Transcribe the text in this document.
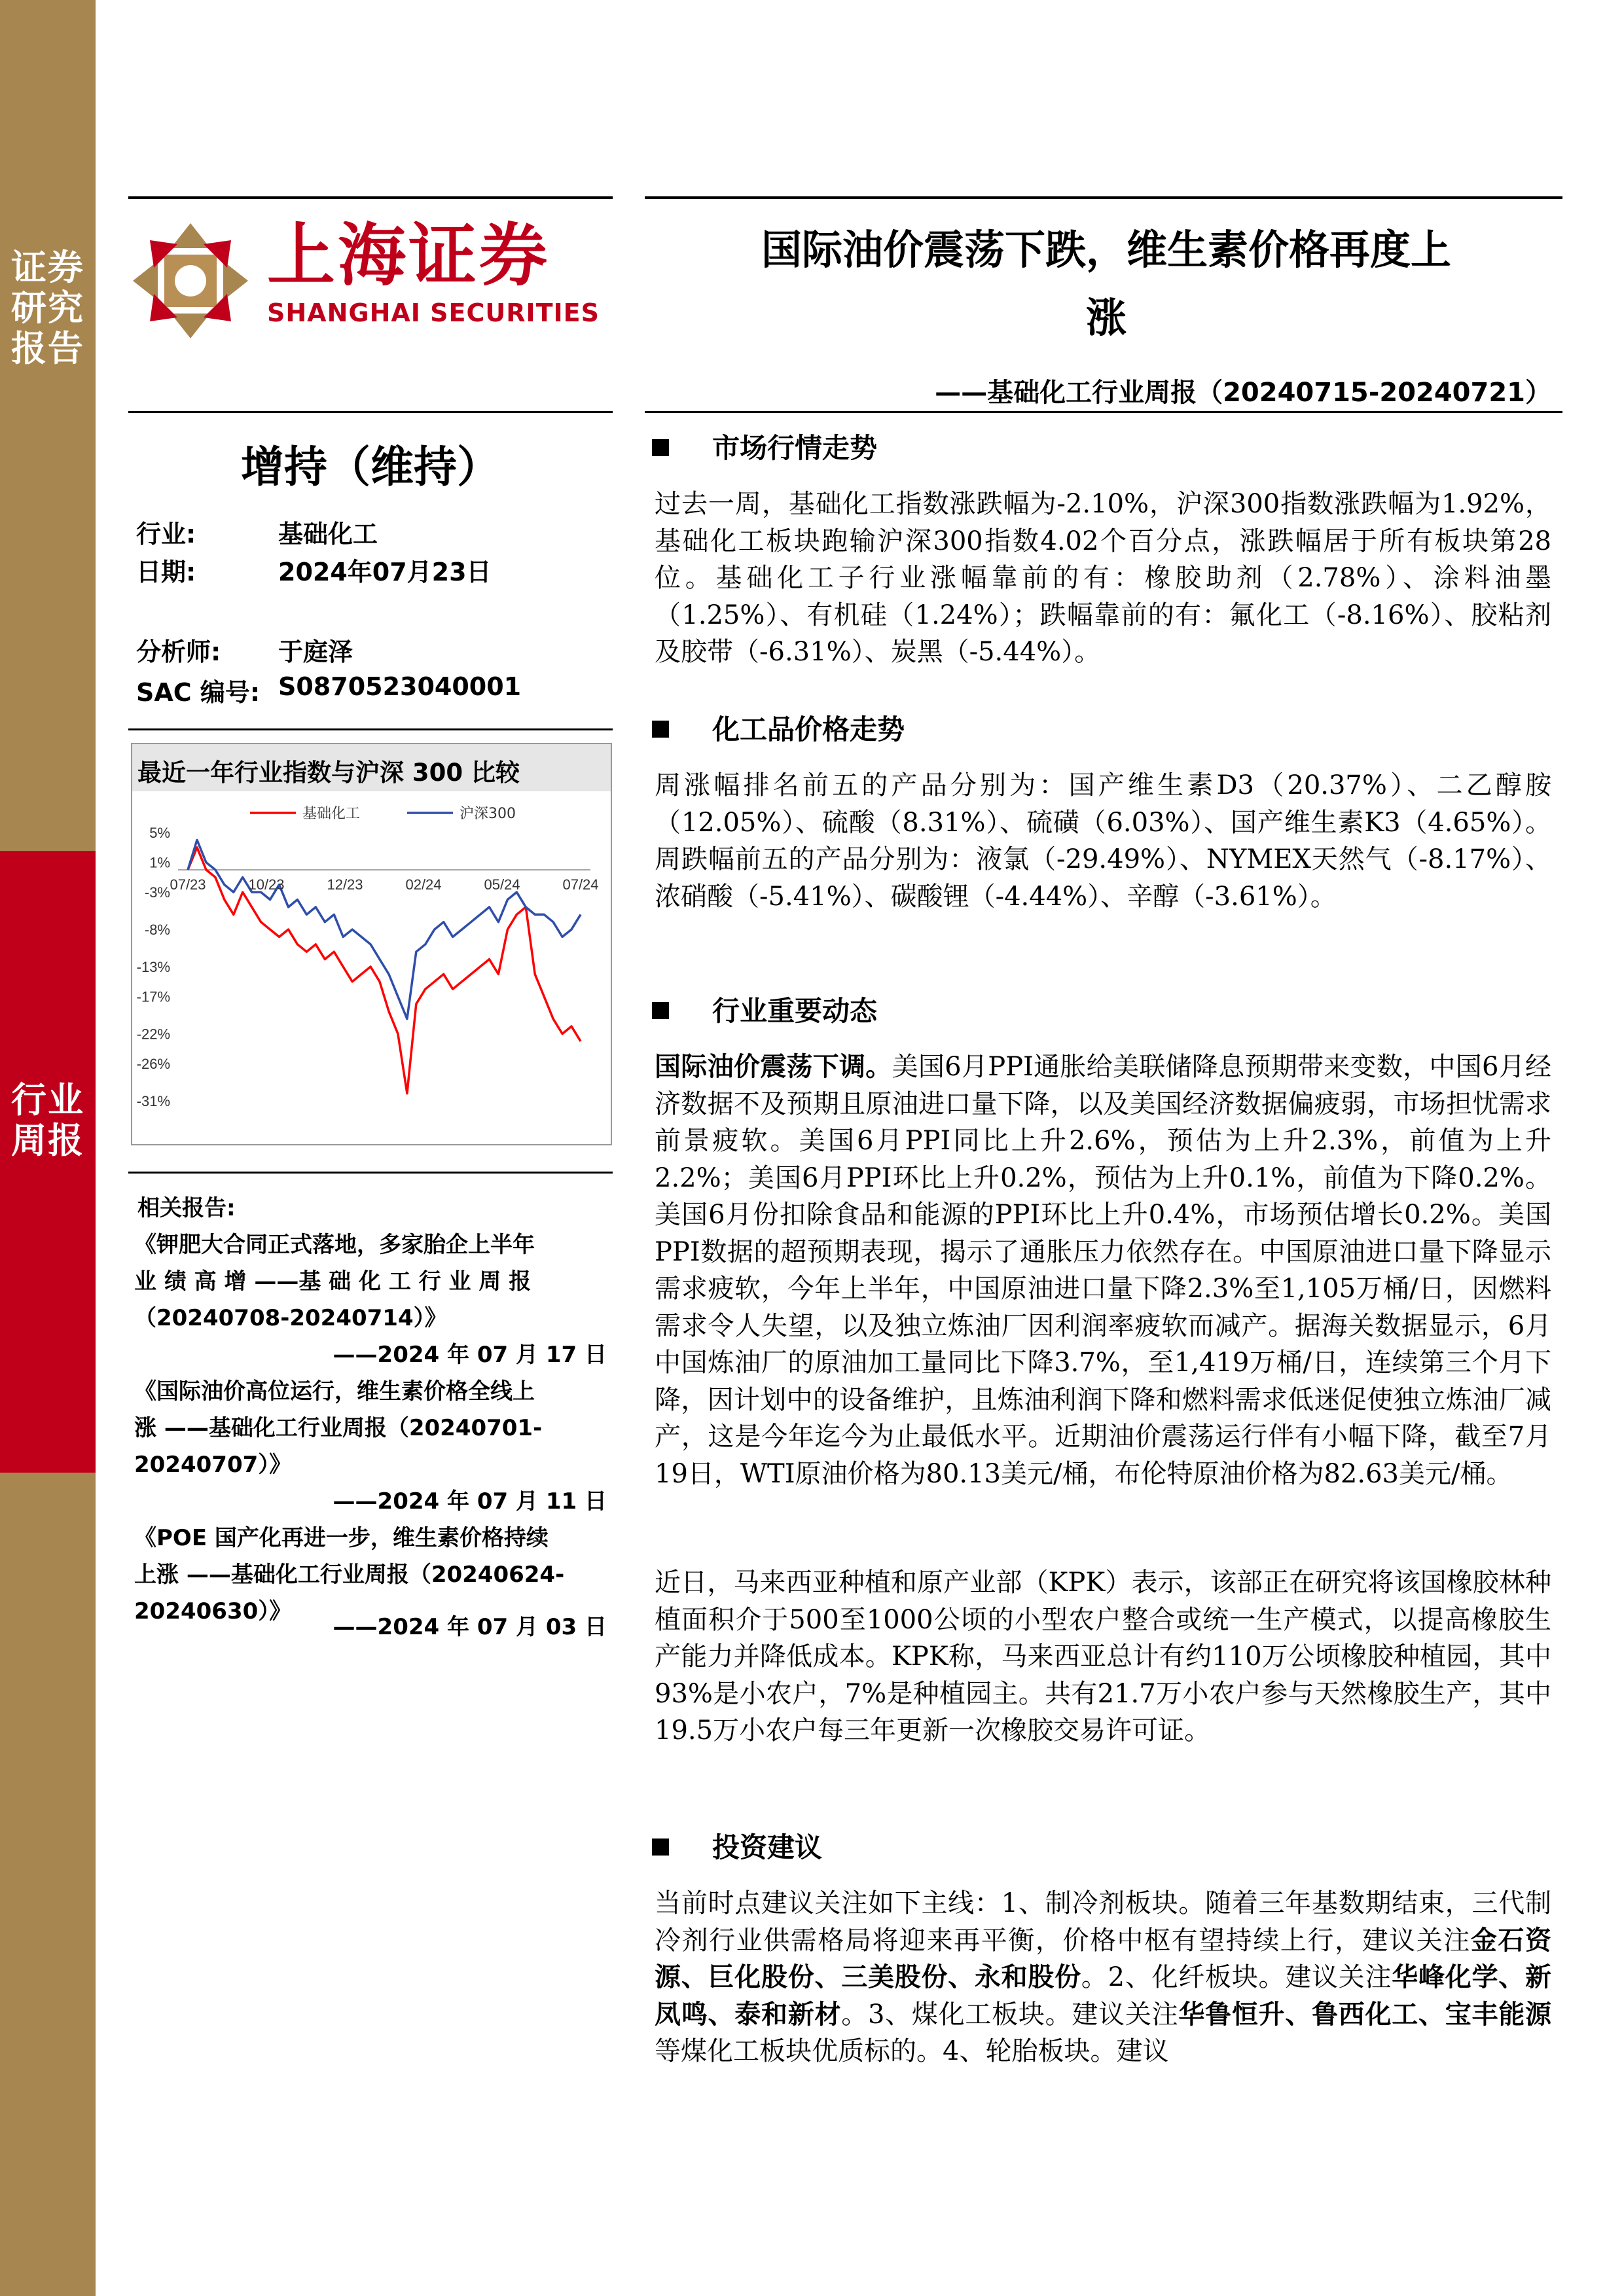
证券研究报告
行业周报
上海证券
SHANGHAI SECURITIES
国际油价震荡下跌，维生素价格再度上
涨
——基础化工行业周报（20240715-20240721）
增持（维持）
行业:	基础化工
日期:	2024年07月23日
分析师: 于庭泽
SAC 编号: S0870523040001
最近一年行业指数与沪深 300 比较
基础化工	沪深300
5%
1%
-3%
-8%
-13%
-17%
-22%
-26%
-31%
07/23	10/23	12/23	02/24	05/24	07/24
相关报告:
《钾肥大合同正式落地，多家胎企上半年
业 绩 高 增 ——基 础 化 工 行 业 周 报
（20240708-20240714）》
——2024 年 07 月 17 日
《国际油价高位运行，维生素价格全线上
涨 ——基础化工行业周报（20240701-
20240707）》
——2024 年 07 月 11 日
《POE 国产化再进一步，维生素价格持续
上涨 ——基础化工行业周报（20240624-
20240630）》
——2024 年 07 月 03 日
市场行情走势
过去一周，基础化工指数涨跌幅为-2.10%，沪深300指数涨跌幅为1.92%，基础化工板块跑输沪深300指数4.02个百分点，涨跌幅居于所有板块第28位。基础化工子行业涨幅靠前的有：橡胶助剂（2.78%）、涂料油墨（1.25%）、有机硅（1.24%）；跌幅靠前的有：氟化工（-8.16%）、胶粘剂及胶带（-6.31%）、炭黑（-5.44%）。
化工品价格走势
周涨幅排名前五的产品分别为：国产维生素D3（20.37%）、二乙醇胺（12.05%）、硫酸（8.31%）、硫磺（6.03%）、国产维生素K3（4.65%）。周跌幅前五的产品分别为：液氯（-29.49%）、NYMEX天然气（-8.17%）、浓硝酸（-5.41%）、碳酸锂（-4.44%）、辛醇（-3.61%）。
行业重要动态
国际油价震荡下调。美国6月PPI通胀给美联储降息预期带来变数，中国6月经济数据不及预期且原油进口量下降，以及美国经济数据偏疲弱，市场担忧需求前景疲软。美国6月PPI同比上升2.6%，预估为上升2.3%，前值为上升2.2%；美国6月PPI环比上升0.2%，预估为上升0.1%，前值为下降0.2%。美国6月份扣除食品和能源的PPI环比上升0.4%，市场预估增长0.2%。美国PPI数据的超预期表现，揭示了通胀压力依然存在。中国原油进口量下降显示需求疲软，今年上半年，中国原油进口量下降2.3%至1,105万桶/日，因燃料需求令人失望，以及独立炼油厂因利润率疲软而减产。据海关数据显示，6月中国炼油厂的原油加工量同比下降3.7%，至1,419万桶/日，连续第三个月下降，因计划中的设备维护，且炼油利润下降和燃料需求低迷促使独立炼油厂减产，这是今年迄今为止最低水平。近期油价震荡运行伴有小幅下降，截至7月19日，WTI原油价格为80.13美元/桶，布伦特原油价格为82.63美元/桶。
近日，马来西亚种植和原产业部（KPK）表示，该部正在研究将该国橡胶林种植面积介于500至1000公顷的小型农户整合或统一生产模式，以提高橡胶生产能力并降低成本。KPK称，马来西亚总计有约110万公顷橡胶种植园，其中93%是小农户，7%是种植园主。共有21.7万小农户参与天然橡胶生产，其中19.5万小农户每三年更新一次橡胶交易许可证。
投资建议
当前时点建议关注如下主线：1、制冷剂板块。随着三年基数期结束，三代制冷剂行业供需格局将迎来再平衡，价格中枢有望持续上行，建议关注金石资源、巨化股份、三美股份、永和股份。2、化纤板块。建议关注华峰化学、新凤鸣、泰和新材。3、煤化工板块。建议关注华鲁恒升、鲁西化工、宝丰能源等煤化工板块优质标的。4、轮胎板块。建议
